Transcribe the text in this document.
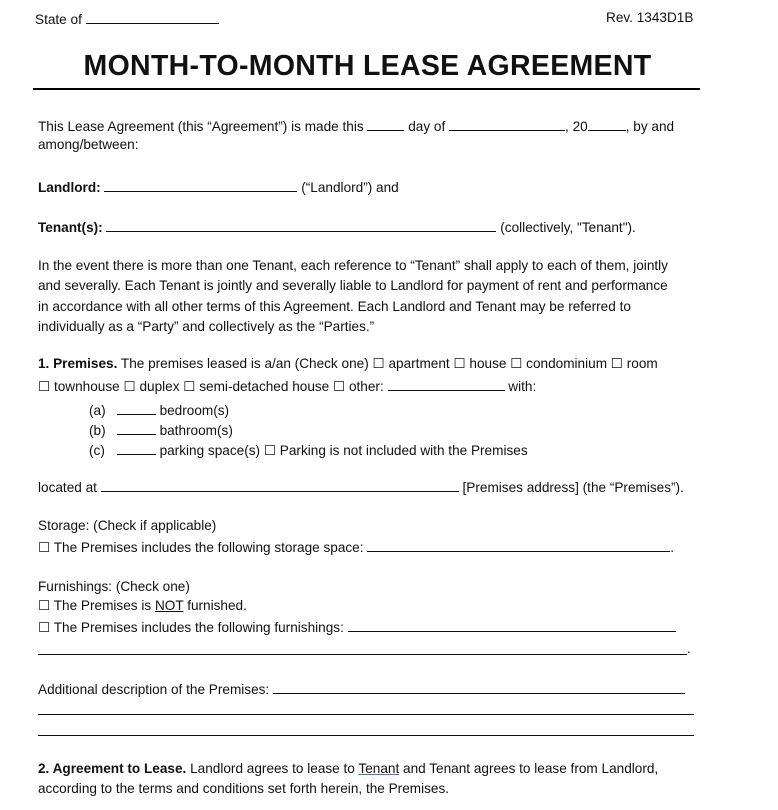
State of	Rev. 1343D1B
MONTH-TO-MONTH LEASE AGREEMENT
This Lease Agreement (this “Agreement”) is made this	day of	, 20	, by and
among/between:
Landlord:	(“Landlord”) and
Tenant(s):	(collectively, "Tenant").
In the event there is more than one Tenant, each reference to “Tenant” shall apply to each of them, jointly
and severally. Each Tenant is jointly and severally liable to Landlord for payment of rent and performance
in accordance with all other terms of this Agreement. Each Landlord and Tenant may be referred to
individually as a “Party” and collectively as the “Parties.”
1. Premises. The premises leased is a/an (Check one) ☐ apartment ☐ house ☐ condominium ☐ room
☐ townhouse ☐ duplex ☐ semi-detached house ☐ other:	with:
(a)	bedroom(s)
(b)	bathroom(s)
(c)	parking space(s) ☐ Parking is not included with the Premises
located at	[Premises address] (the “Premises”).
Storage: (Check if applicable)
☐ The Premises includes the following storage space:	.
Furnishings: (Check one)
☐ The Premises is NOT furnished.
☐ The Premises includes the following furnishings:
.
Additional description of the Premises:
2. Agreement to Lease. Landlord agrees to lease to Tenant and Tenant agrees to lease from Landlord,
according to the terms and conditions set forth herein, the Premises.
